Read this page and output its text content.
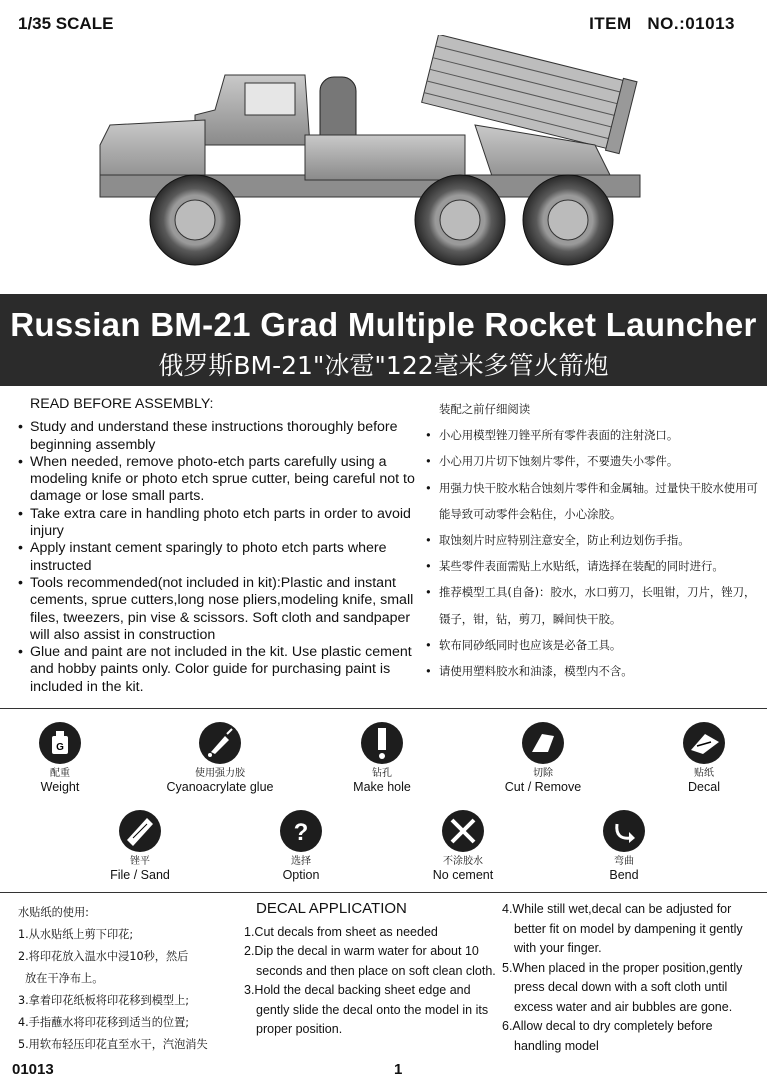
1/35 SCALE	ITEM   NO.:01013
Russian BM-21 Grad Multiple Rocket Launcher
俄罗斯BM-21"冰雹"122毫米多管火箭炮
READ BEFORE ASSEMBLY:
• Study and understand these instructions thoroughly before beginning assembly
• When needed, remove photo-etch parts carefully using a modeling knife or photo etch sprue cutter, being careful not to damage or lose small parts.
• Take extra care in handling photo etch parts in order to avoid injury
• Apply instant cement sparingly to photo etch parts where instructed
• Tools recommended(not included in kit):Plastic and instant cements, sprue cutters,long nose pliers,modeling knife, small files, tweezers, pin vise & scissors. Soft cloth and sandpaper will also assist in construction
• Glue and paint are not included in the kit. Use plastic cement and hobby paints only. Color guide for purchasing paint is included in the kit.
装配之前仔细阅读
• 小心用模型锉刀锉平所有零件表面的注射浇口。
• 小心用刀片切下蚀刻片零件，不要遗失小零件。
• 用强力快干胶水粘合蚀刻片零件和金属轴。过量快干胶水使用可能导致可动零件会粘住，小心涂胶。
• 取蚀刻片时应特别注意安全，防止利边划伤手指。
• 某些零件表面需贴上水贴纸，请选择在装配的同时进行。
• 推荐模型工具(自备)：胶水，水口剪刀，长咀钳，刀片，锉刀，镊子，钳，钻，剪刀，瞬间快干胶。
• 软布同砂纸同时也应该是必备工具。
• 请使用塑料胶水和油漆，模型内不含。
G
配重
Weight
使用强力胶
Cyanoacrylate glue
钻孔
Make hole
切除
Cut / Remove
贴纸
Decal
锉平
File / Sand
?
选择
Option
不涂胶水
No cement
弯曲
Bend
水贴纸的使用:
1.从水贴纸上剪下印花;
2.将印花放入温水中浸10秒，然后
放在干净布上。
3.拿着印花纸板将印花移到模型上;
4.手指蘸水将印花移到适当的位置;
5.用软布轻压印花直至水干，汽泡消失
DECAL APPLICATION

1.Cut decals from sheet as needed

2.Dip the decal in warm water for about 10 seconds and then place on soft clean cloth.

3.Hold the decal backing sheet edge and gently slide the decal onto the model in its proper position.

4.While still wet,decal can be adjusted for better fit on model by dampening it gently with your finger.

5.When placed in the proper position,gently press decal down with a soft cloth until excess water and air bubbles are gone.

6.Allow decal to dry completely before handling model

01013	1
